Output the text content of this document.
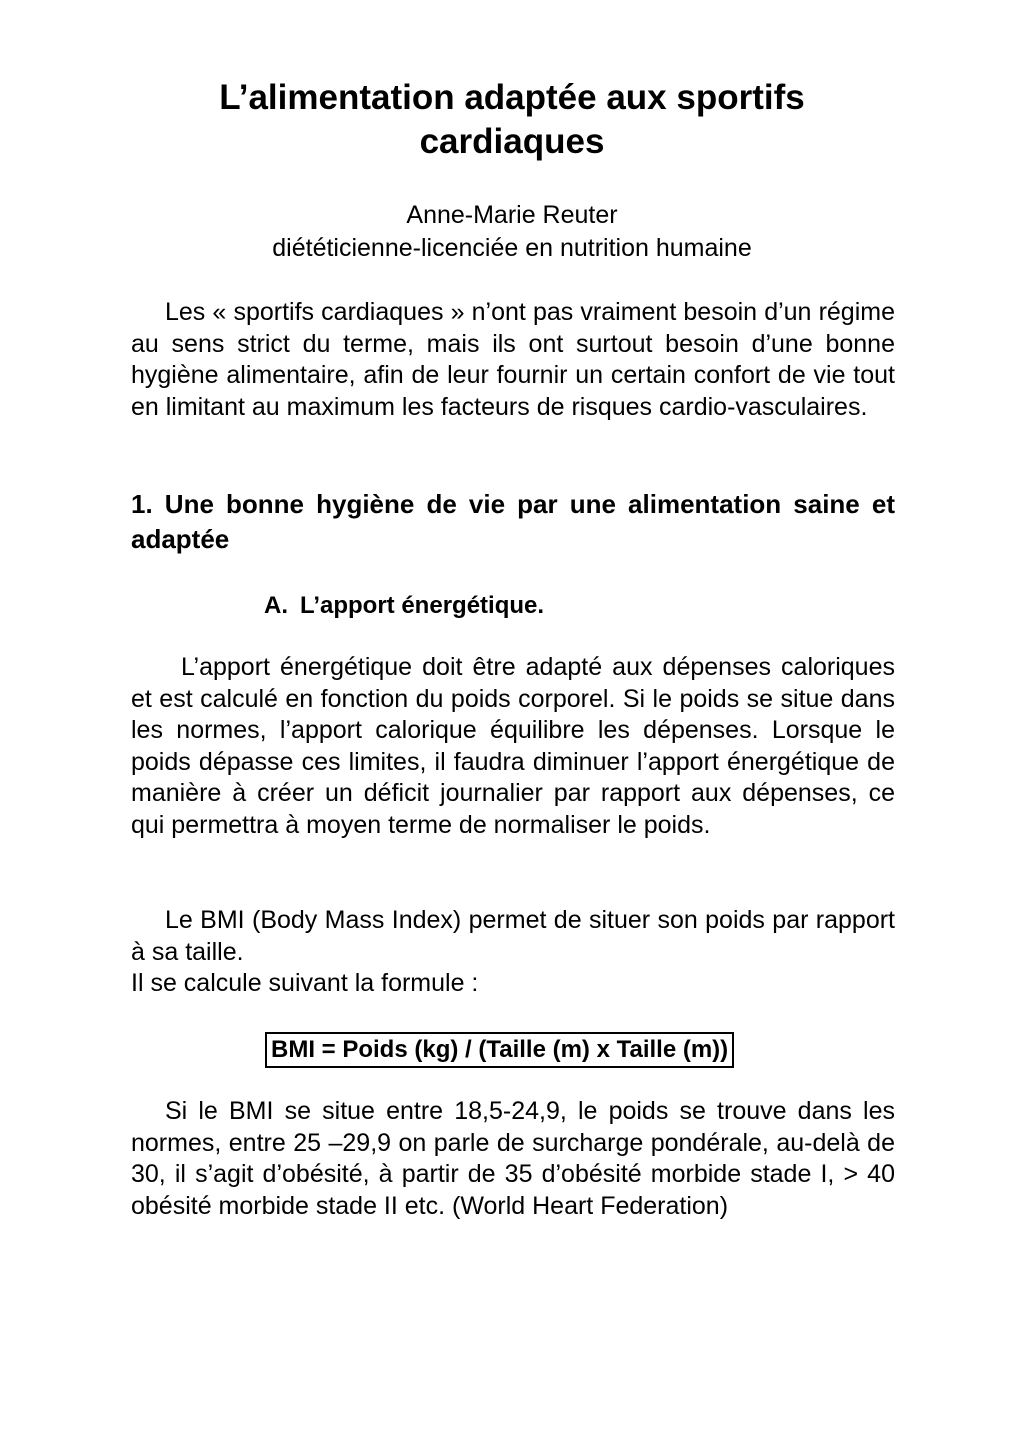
L’alimentation adaptée aux sportifs cardiaques
Anne-Marie Reuter
diététicienne-licenciée en nutrition humaine

Les « sportifs cardiaques » n’ont pas vraiment besoin d’un régime au sens strict du terme, mais ils ont surtout besoin d’une bonne hygiène alimentaire, afin de leur fournir un certain confort de vie tout en limitant au maximum les facteurs de risques cardio-vasculaires.

1. Une bonne hygiène de vie par une alimentation saine et adaptée
A. L’apport énergétique.

L’apport énergétique doit être adapté aux dépenses caloriques et est calculé en fonction du poids corporel. Si le poids se situe dans les normes, l’apport calorique équilibre les dépenses. Lorsque le poids dépasse ces limites, il faudra diminuer l’apport énergétique de manière à créer un déficit journalier par rapport aux dépenses, ce qui permettra à moyen terme de normaliser le poids.

Le BMI (Body Mass Index) permet de situer son poids par rapport à sa taille.
Il se calcule suivant la formule :
BMI = Poids (kg) / (Taille (m) x Taille (m))

Si le BMI se situe entre 18,5-24,9, le poids se trouve dans les normes, entre 25 –29,9 on parle de surcharge pondérale, au-delà de 30, il s’agit d’obésité, à partir de 35 d’obésité morbide stade I, > 40 obésité morbide stade II etc. (World Heart Federation)
